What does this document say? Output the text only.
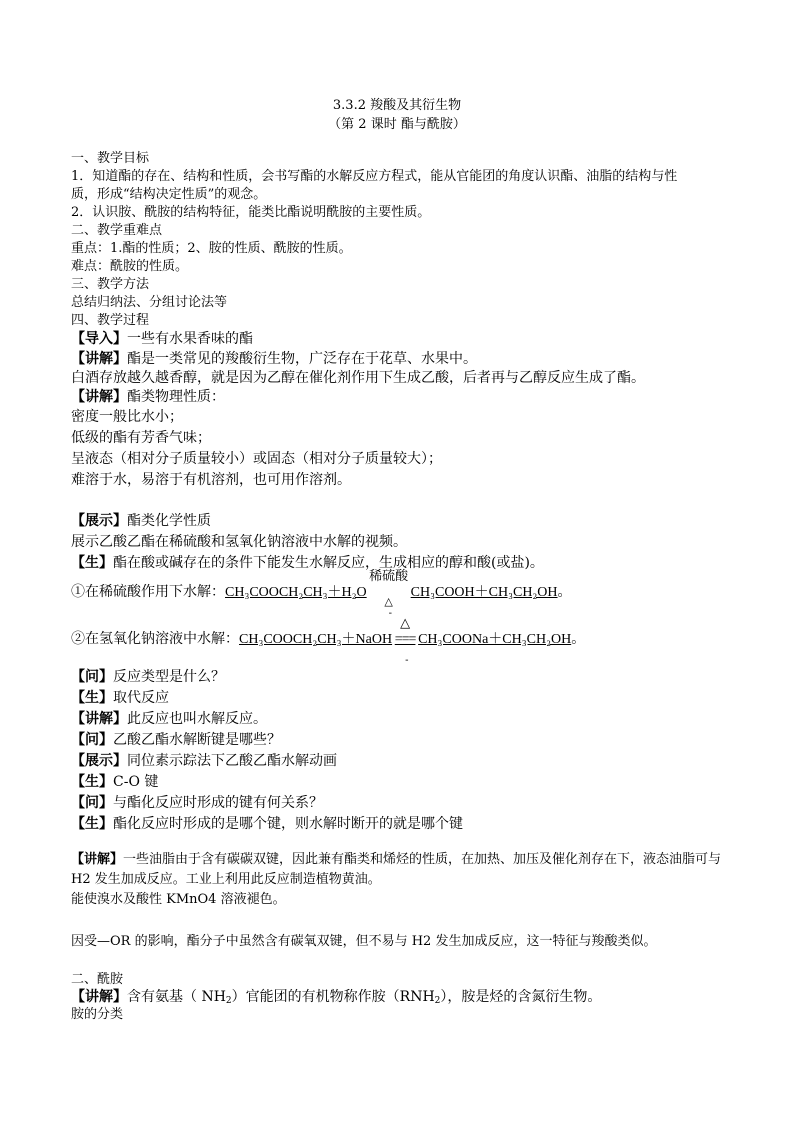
3.3.2 羧酸及其衍生物
（第 2 课时 酯与酰胺）
一、教学目标
1．知道酯的存在、结构和性质，会书写酯的水解反应方程式，能从官能团的角度认识酯、油脂的结构与性
质，形成“结构决定性质”的观念。
2．认识胺、酰胺的结构特征，能类比酯说明酰胺的主要性质。
二、教学重难点
重点：1.酯的性质；2、胺的性质、酰胺的性质。
难点：酰胺的性质。
三、教学方法
总结归纳法、分组讨论法等
四、教学过程
【导入】一些有水果香味的酯
【讲解】酯是一类常见的羧酸衍生物，广泛存在于花草、水果中。
白酒存放越久越香醇，就是因为乙醇在催化剂作用下生成乙酸，后者再与乙醇反应生成了酯。
【讲解】酯类物理性质：
密度一般比水小；
低级的酯有芳香气味；
呈液态（相对分子质量较小）或固态（相对分子质量较大）；
难溶于水，易溶于有机溶剂，也可用作溶剂。
【展示】酯类化学性质
展示乙酸乙酯在稀硫酸和氢氧化钠溶液中水解的视频。
【生】酯在酸或碱存在的条件下能发生水解反应，生成相应的醇和酸(或盐)。
①在稀硫酸作用下水解：CH₃COOCH₂CH₃＋H₂O
稀硫酸
△
-
CH₃COOH＋CH₃CH₂OH。
②在氢氧化钠溶液中水解：CH₃COOCH₂CH₃＋NaOH ===
△
-
CH₃COONa＋CH₃CH₂OH。
【问】反应类型是什么？
【生】取代反应
【讲解】此反应也叫水解反应。
【问】乙酸乙酯水解断键是哪些？
【展示】同位素示踪法下乙酸乙酯水解动画
【生】C-O 键
【问】与酯化反应时形成的键有何关系？
【生】酯化反应时形成的是哪个键，则水解时断开的就是哪个键
【讲解】一些油脂由于含有碳碳双键，因此兼有酯类和烯烃的性质，在加热、加压及催化剂存在下，液态油脂可与 H2 发生加成反应。工业上利用此反应制造植物黄油。
能使溴水及酸性 KMnO4 溶液褪色。
因受—OR 的影响，酯分子中虽然含有碳氧双键，但不易与 H2 发生加成反应，这一特征与羧酸类似。
二、酰胺
【讲解】含有氨基（ $NH_2$）官能团的有机物称作胺$(RNH_2)$，胺是烃的含氮衍生物。
胺的分类
